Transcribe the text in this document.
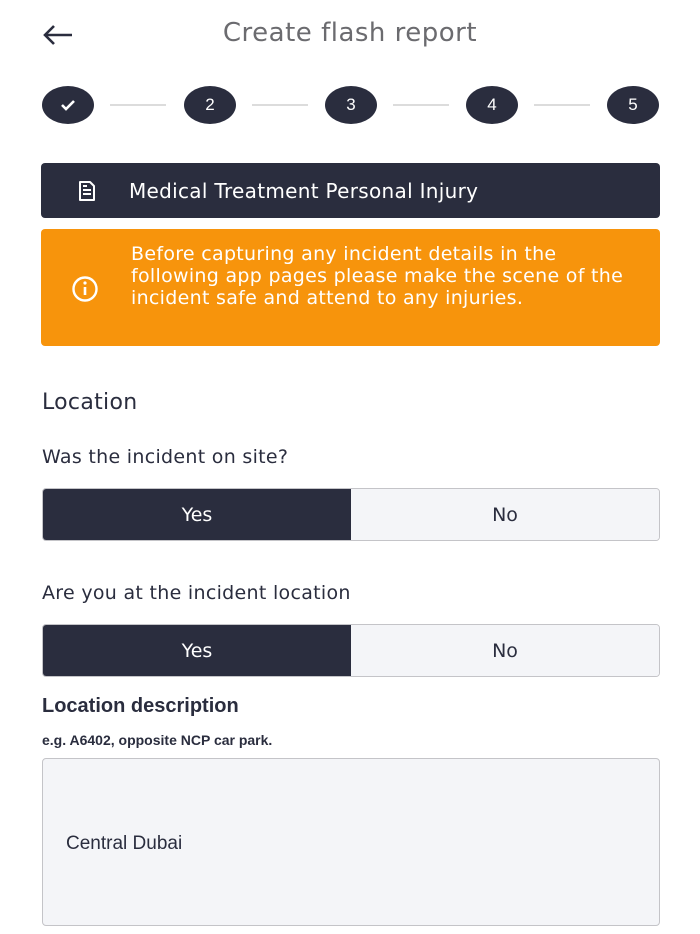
Create flash report
2	3	4	5
Medical Treatment Personal Injury
Before capturing any incident details in the following app pages please make the scene of the incident safe and attend to any injuries.
Location
Was the incident on site?
Yes	No
Are you at the incident location
Yes	No
Location description
e.g. A6402, opposite NCP car park.
Central Dubai
